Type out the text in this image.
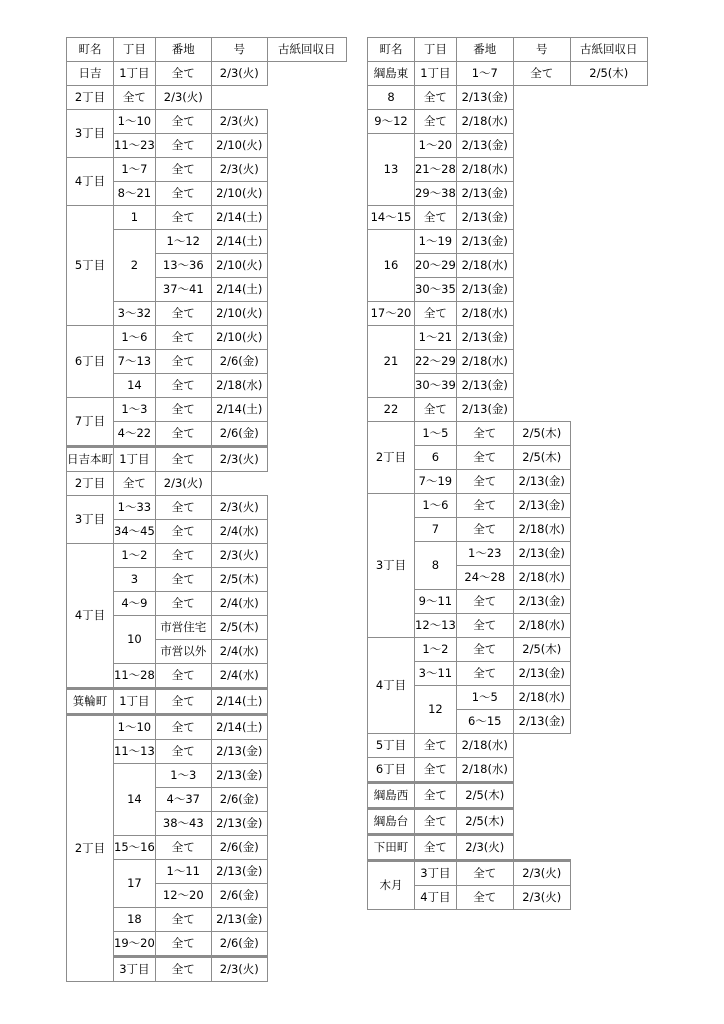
町名	丁目	番地	号	古紙回収日
日吉	1丁目	全て	2/3(火)	
2丁目	全て	2/3(火)		
3丁目	1～10	全て	2/3(火)	
	11～23	全て	2/10(火)	
4丁目	1～7	全て	2/3(火)	
	8～21	全て	2/10(火)	
5丁目	1	全て	2/14(土)	
	2	1～12	2/14(土)	
		13～36	2/10(火)	
		37～41	2/14(土)	
	3～32	全て	2/10(火)	
6丁目	1～6	全て	2/10(火)	
	7～13	全て	2/6(金)	
	14	全て	2/18(水)	
7丁目	1～3	全て	2/14(土)	
	4～22	全て	2/6(金)	
日吉本町	1丁目	全て	2/3(火)	
2丁目	全て	2/3(火)		
3丁目	1～33	全て	2/3(火)	
	34～45	全て	2/4(水)	
4丁目	1～2	全て	2/3(火)	
	3	全て	2/5(木)	
	4～9	全て	2/4(水)	
	10	市営住宅	2/5(木)	
		市営以外	2/4(水)	
	11～28	全て	2/4(水)	
箕輪町	1丁目	全て	2/14(土)	
2丁目	1～10	全て	2/14(土)	
	11～13	全て	2/13(金)	
	14	1～3	2/13(金)	
		4～37	2/6(金)	
		38～43	2/13(金)	
	15～16	全て	2/6(金)	
	17	1～11	2/13(金)	
		12～20	2/6(金)	
	18	全て	2/13(金)	
	19～20	全て	2/6(金)	
	3丁目	全て	2/3(火)	
町名	丁目	番地	号	古紙回収日
綱島東	1丁目	1～7	全て	2/5(木)
8	全て	2/13(金)		
9～12	全て	2/18(水)		
13	1～20	2/13(金)		
	21～28	2/18(水)		
	29～38	2/13(金)		
14～15	全て	2/13(金)		
16	1～19	2/13(金)		
	20～29	2/18(水)		
	30～35	2/13(金)		
17～20	全て	2/18(水)		
21	1～21	2/13(金)		
	22～29	2/18(水)		
	30～39	2/13(金)		
22	全て	2/13(金)		
2丁目	1～5	全て	2/5(木)	
	6	全て	2/5(木)	
	7～19	全て	2/13(金)	
3丁目	1～6	全て	2/13(金)	
	7	全て	2/18(水)	
	8	1～23	2/13(金)	
		24～28	2/18(水)	
	9～11	全て	2/13(金)	
	12～13	全て	2/18(水)	
4丁目	1～2	全て	2/5(木)	
	3～11	全て	2/13(金)	
	12	1～5	2/18(水)	
		6～15	2/13(金)	
5丁目	全て	2/18(水)		
6丁目	全て	2/18(水)		
綱島西	全て	2/5(木)		
綱島台	全て	2/5(木)		
下田町	全て	2/3(火)		
木月	3丁目	全て	2/3(火)	
	4丁目	全て	2/3(火)	
